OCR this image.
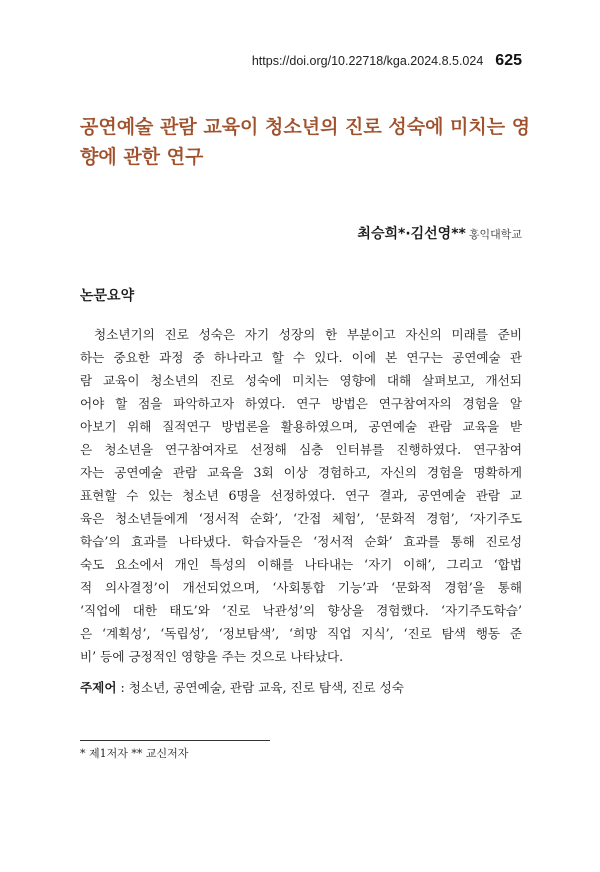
https://doi.org/10.22718/kga.2024.8.5.024 625
공연예술 관람 교육이 청소년의 진로 성숙에 미치는 영향에 관한 연구
최승희*·김선영** 홍익대학교
논문요약
청소년기의 진로 성숙은 자기 성장의 한 부분이고 자신의 미래를 준비
하는 중요한 과정 중 하나라고 할 수 있다. 이에 본 연구는 공연예술 관
람 교육이 청소년의 진로 성숙에 미치는 영향에 대해 살펴보고, 개선되
어야 할 점을 파악하고자 하였다. 연구 방법은 연구참여자의 경험을 알
아보기 위해 질적연구 방법론을 활용하였으며, 공연예술 관람 교육을 받
은 청소년을 연구참여자로 선정해 심층 인터뷰를 진행하였다. 연구참여
자는 공연예술 관람 교육을 3회 이상 경험하고, 자신의 경험을 명확하게
표현할 수 있는 청소년 6명을 선정하였다. 연구 결과, 공연예술 관람 교
육은 청소년들에게 ‘정서적 순화’, ‘간접 체험’, ‘문화적 경험’, ‘자기주도
학습’의 효과를 나타냈다. 학습자들은 ‘정서적 순화’ 효과를 통해 진로성
숙도 요소에서 개인 특성의 이해를 나타내는 ‘자기 이해’, 그리고 ‘합법
적 의사결정’이 개선되었으며, ‘사회통합 기능’과 ‘문화적 경험’을 통해
‘직업에 대한 태도’와 ‘진로 낙관성’의 향상을 경험했다. ‘자기주도학습’
은 ‘계획성’, ‘독립성’, ‘정보탐색’, ‘희망 직업 지식’, ‘진로 탐색 행동 준
비’ 등에 긍정적인 영향을 주는 것으로 나타났다.
주제어 : 청소년, 공연예술, 관람 교육, 진로 탐색, 진로 성숙
* 제1저자 ** 교신저자
